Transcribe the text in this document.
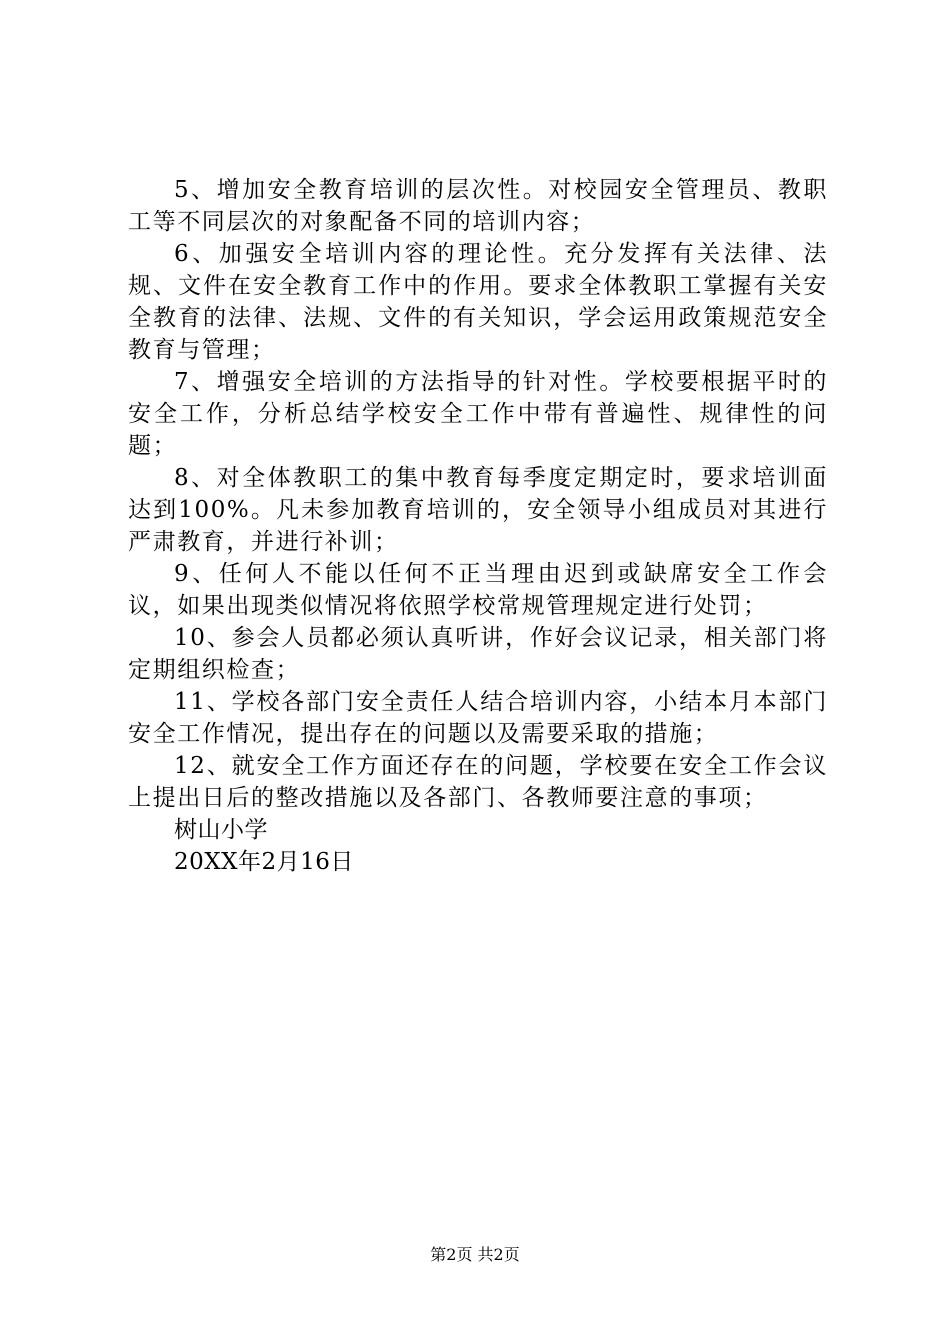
5、增加安全教育培训的层次性。对校园安全管理员、教职工等不同层次的对象配备不同的培训内容；

6、加强安全培训内容的理论性。充分发挥有关法律、法规、文件在安全教育工作中的作用。要求全体教职工掌握有关安全教育的法律、法规、文件的有关知识，学会运用政策规范安全教育与管理；

7、增强安全培训的方法指导的针对性。学校要根据平时的安全工作，分析总结学校安全工作中带有普遍性、规律性的问题；

8、对全体教职工的集中教育每季度定期定时，要求培训面达到100%。凡未参加教育培训的，安全领导小组成员对其进行严肃教育，并进行补训；

9、任何人不能以任何不正当理由迟到或缺席安全工作会议，如果出现类似情况将依照学校常规管理规定进行处罚；

10、参会人员都必须认真听讲，作好会议记录，相关部门将定期组织检查；

11、学校各部门安全责任人结合培训内容，小结本月本部门安全工作情况，提出存在的问题以及需要采取的措施；

12、就安全工作方面还存在的问题，学校要在安全工作会议上提出日后的整改措施以及各部门、各教师要注意的事项；

树山小学

20XX年2月16日

第2页 共2页
